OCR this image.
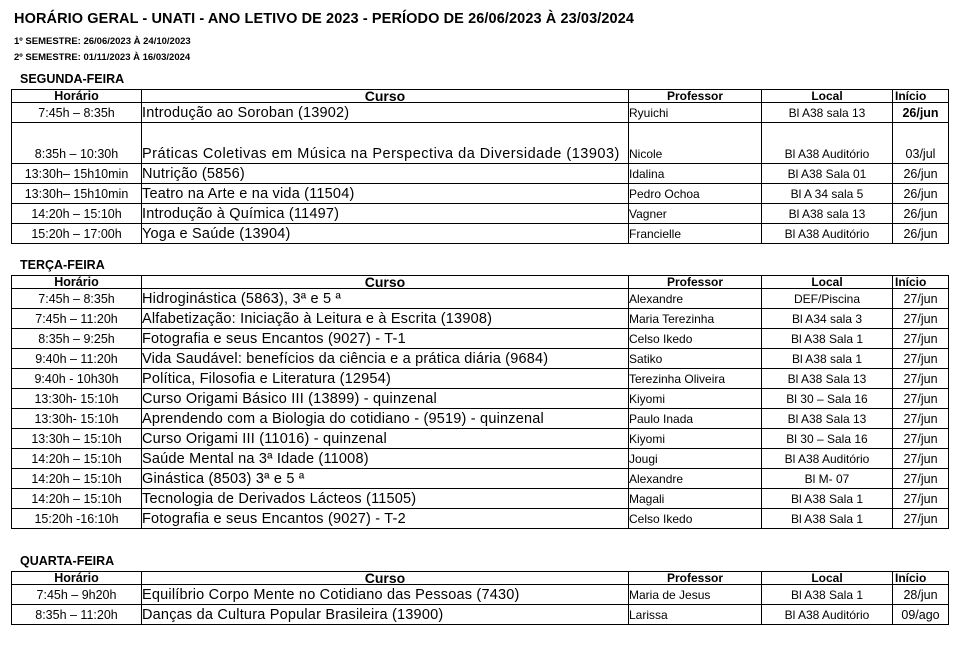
HORÁRIO GERAL - UNATI - ANO LETIVO DE 2023 - PERÍODO DE 26/06/2023 À 23/03/2024
1º SEMESTRE: 26/06/2023 À 24/10/2023
2º SEMESTRE: 01/11/2023 À 16/03/2024
SEGUNDA-FEIRA
Horário	Curso	Professor	Local	Início
7:45h – 8:35h	Introdução ao Soroban (13902)	Ryuichi	Bl A38 sala 13	26/jun
8:35h – 10:30h	Práticas Coletivas em Música na Perspectiva da Diversidade (13903)	Nicole	Bl A38 Auditório	03/jul
13:30h– 15h10min	Nutrição (5856)	Idalina	Bl A38 Sala 01	26/jun
13:30h– 15h10min	Teatro na Arte e na vida (11504)	Pedro Ochoa	Bl A 34 sala 5	26/jun
14:20h – 15:10h	Introdução à Química (11497)	Vagner	Bl A38 sala 13	26/jun
15:20h – 17:00h	Yoga e Saúde (13904)	Francielle	Bl A38 Auditório	26/jun
TERÇA-FEIRA
Horário	Curso	Professor	Local	Início
7:45h – 8:35h	Hidroginástica (5863), 3ª e 5 ª	Alexandre	DEF/Piscina	27/jun
7:45h – 11:20h	Alfabetização: Iniciação à Leitura e à Escrita (13908)	Maria Terezinha	Bl A34 sala 3	27/jun
8:35h – 9:25h	Fotografia e seus Encantos (9027) - T-1	Celso Ikedo	Bl A38 Sala 1	27/jun
9:40h – 11:20h	Vida Saudável: benefícios da ciência e a prática diária (9684)	Satiko	Bl A38 sala 1	27/jun
9:40h - 10h30h	Política, Filosofia e Literatura (12954)	Terezinha Oliveira	Bl A38 Sala 13	27/jun
13:30h- 15:10h	Curso Origami Básico III (13899) - quinzenal	Kiyomi	Bl 30 – Sala 16	27/jun
13:30h- 15:10h	Aprendendo com a Biologia do cotidiano - (9519) - quinzenal	Paulo Inada	Bl A38 Sala 13	27/jun
13:30h – 15:10h	Curso Origami III (11016) - quinzenal	Kiyomi	Bl 30 – Sala 16	27/jun
14:20h – 15:10h	Saúde Mental na 3ª Idade (11008)	Jougi	Bl A38 Auditório	27/jun
14:20h – 15:10h	Ginástica (8503) 3ª e 5 ª	Alexandre	Bl M- 07	27/jun
14:20h – 15:10h	Tecnologia de Derivados Lácteos (11505)	Magali	Bl A38 Sala 1	27/jun
15:20h -16:10h	Fotografia e seus Encantos (9027) - T-2	Celso Ikedo	Bl A38 Sala 1	27/jun
QUARTA-FEIRA
Horário	Curso	Professor	Local	Início
7:45h – 9h20h	Equilíbrio Corpo Mente no Cotidiano das Pessoas (7430)	Maria de Jesus	Bl A38 Sala 1	28/jun
8:35h – 11:20h	Danças da Cultura Popular Brasileira (13900)	Larissa	Bl A38 Auditório	09/ago
